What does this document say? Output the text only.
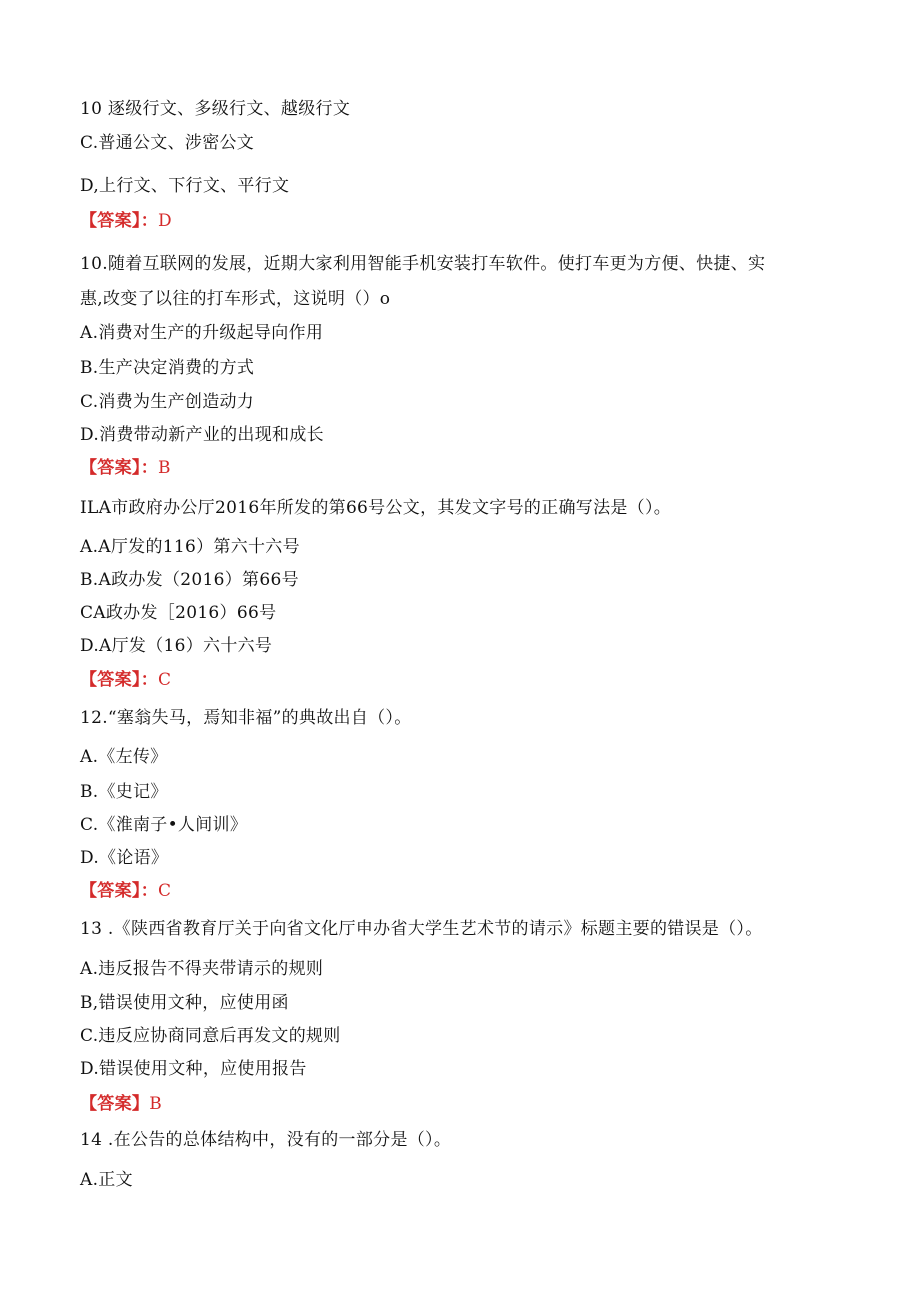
10 逐级行文、多级行文、越级行文
C.普通公文、涉密公文
D,上行文、下行文、平行文
【答案】：D
10.随着互联网的发展，近期大家利用智能手机安装打车软件。使打车更为方便、快捷、实
惠,改变了以往的打车形式，这说明（）o
A.消费对生产的升级起导向作用
B.生产决定消费的方式
C.消费为生产创造动力
D.消费带动新产业的出现和成长
【答案】：B
ILA市政府办公厅2016年所发的第66号公文，其发文字号的正确写法是（）。
A.A厅发的116）第六十六号
B.A政办发（2016）第66号
CA政办发［2016）66号
D.A厅发（16）六十六号
【答案】：C
12.“塞翁失马，焉知非福”的典故出自（）。
A.《左传》
B.《史记》
C.《淮南子•人间训》
D.《论语》
【答案】：C
13 .《陕西省教育厅关于向省文化厅申办省大学生艺术节的请示》标题主要的错误是（）。
A.违反报告不得夹带请示的规则
B,错误使用文种，应使用函
C.违反应协商同意后再发文的规则
D.错误使用文种，应使用报告
【答案】B
14 .在公告的总体结构中，没有的一部分是（）。
A.正文
